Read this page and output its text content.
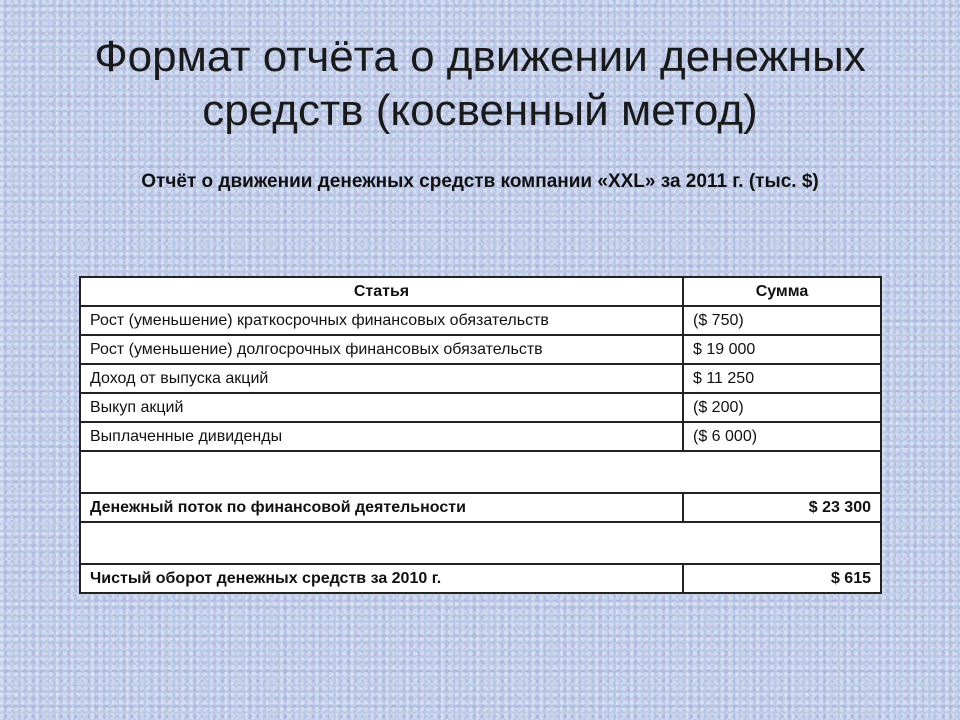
Формат отчёта о движении денежных
средств (косвенный метод)

Отчёт о движении денежных средств компании «XXL» за 2011 г. (тыс. $)

Статья	Сумма
Рост (уменьшение) краткосрочных финансовых обязательств	($ 750)
Рост (уменьшение) долгосрочных финансовых обязательств	$ 19 000
Доход от выпуска акций	$ 11 250
Выкуп акций	($ 200)
Выплаченные дивиденды	($ 6 000)

Денежный поток по финансовой деятельности	$ 23 300

Чистый оборот денежных средств за 2010 г.	$ 615
